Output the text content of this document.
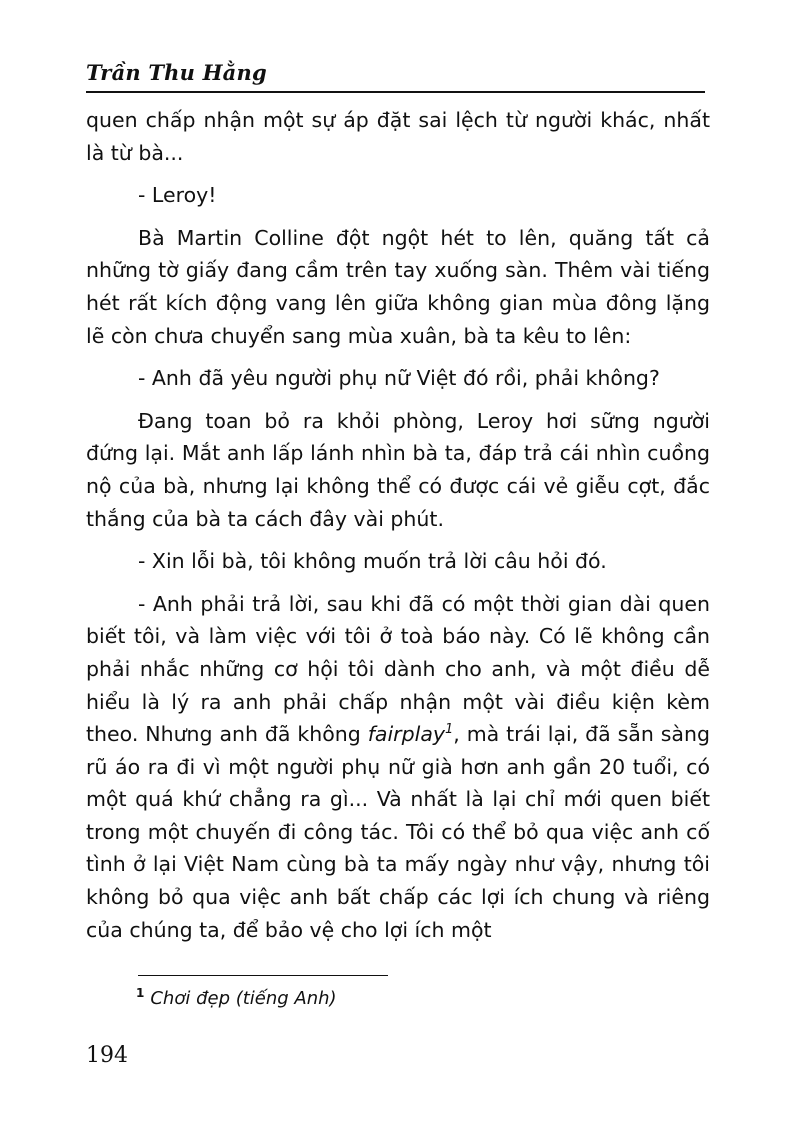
Trần Thu Hằng

quen chấp nhận một sự áp đặt sai lệch từ người khác, nhất là từ bà...

- Leroy!

Bà Martin Colline đột ngột hét to lên, quăng tất cả những tờ giấy đang cầm trên tay xuống sàn. Thêm vài tiếng hét rất kích động vang lên giữa không gian mùa đông lặng lẽ còn chưa chuyển sang mùa xuân, bà ta kêu to lên:

- Anh đã yêu người phụ nữ Việt đó rồi, phải không?

Đang toan bỏ ra khỏi phòng, Leroy hơi sững người đứng lại. Mắt anh lấp lánh nhìn bà ta, đáp trả cái nhìn cuồng nộ của bà, nhưng lại không thể có được cái vẻ giễu cợt, đắc thắng của bà ta cách đây vài phút.

- Xin lỗi bà, tôi không muốn trả lời câu hỏi đó.

- Anh phải trả lời, sau khi đã có một thời gian dài quen biết tôi, và làm việc với tôi ở toà báo này. Có lẽ không cần phải nhắc những cơ hội tôi dành cho anh, và một điều dễ hiểu là lý ra anh phải chấp nhận một vài điều kiện kèm theo. Nhưng anh đã không fairplay$^1$, mà trái lại, đã sẵn sàng rũ áo ra đi vì một người phụ nữ già hơn anh gần 20 tuổi, có một quá khứ chẳng ra gì... Và nhất là lại chỉ mới quen biết trong một chuyến đi công tác. Tôi có thể bỏ qua việc anh cố tình ở lại Việt Nam cùng bà ta mấy ngày như vậy, nhưng tôi không bỏ qua việc anh bất chấp các lợi ích chung và riêng của chúng ta, để bảo vệ cho lợi ích một

$^1$ Chơi đẹp (tiếng Anh)
194
